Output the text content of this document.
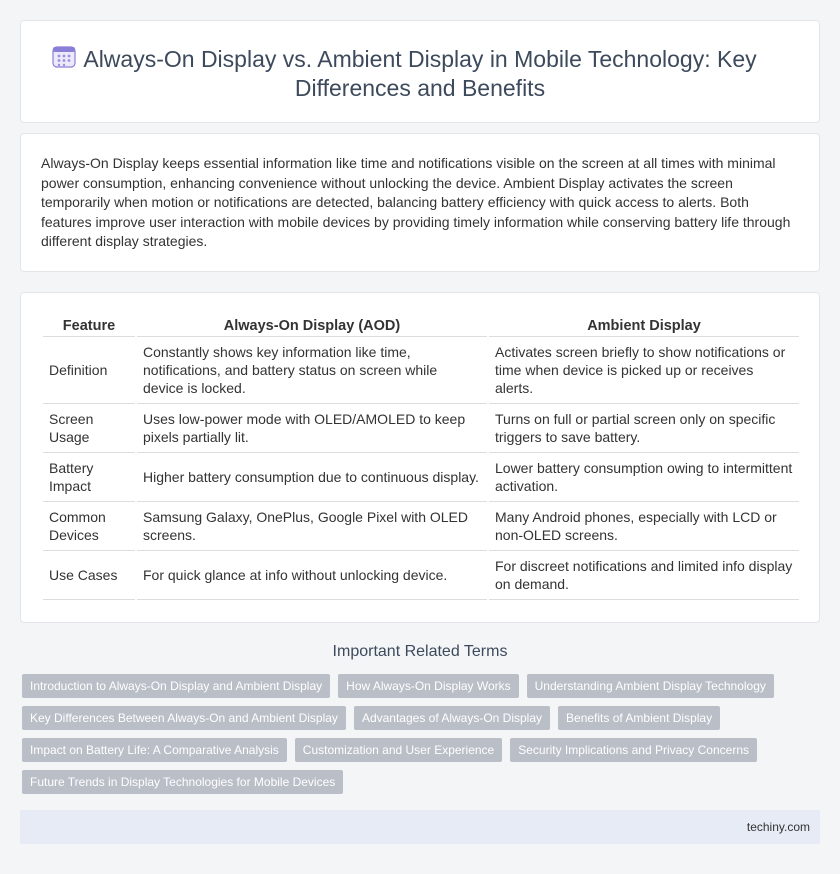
Always-On Display vs. Ambient Display in Mobile Technology: Key Differences and Benefits

Always-On Display keeps essential information like time and notifications visible on the screen at all times with minimal power consumption, enhancing convenience without unlocking the device. Ambient Display activates the screen temporarily when motion or notifications are detected, balancing battery efficiency with quick access to alerts. Both features improve user interaction with mobile devices by providing timely information while conserving battery life through different display strategies.

Feature	Always-On Display (AOD)	Ambient Display
Definition	Constantly shows key information like time, notifications, and battery status on screen while device is locked.	Activates screen briefly to show notifications or time when device is picked up or receives alerts.
Screen Usage	Uses low-power mode with OLED/AMOLED to keep pixels partially lit.	Turns on full or partial screen only on specific triggers to save battery.
Battery Impact	Higher battery consumption due to continuous display.	Lower battery consumption owing to intermittent activation.
Common Devices	Samsung Galaxy, OnePlus, Google Pixel with OLED screens.	Many Android phones, especially with LCD or non-OLED screens.
Use Cases	For quick glance at info without unlocking device.	For discreet notifications and limited info display on demand.
Important Related Terms
Introduction to Always-On Display and Ambient Display	How Always-On Display Works	Understanding Ambient Display Technology
Key Differences Between Always-On and Ambient Display	Advantages of Always-On Display	Benefits of Ambient Display
Impact on Battery Life: A Comparative Analysis	Customization and User Experience	Security Implications and Privacy Concerns
Future Trends in Display Technologies for Mobile Devices
techiny.com
